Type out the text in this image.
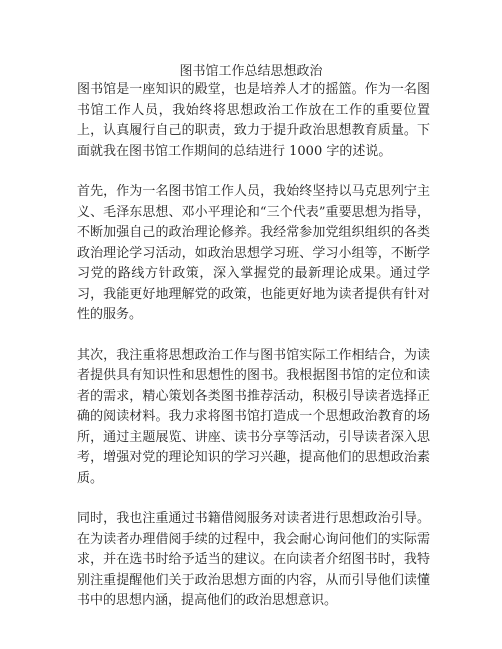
图书馆工作总结思想政治

图书馆是一座知识的殿堂，也是培养人才的摇篮。作为一名图书馆工作人员，我始终将思想政治工作放在工作的重要位置上，认真履行自己的职责，致力于提升政治思想教育质量。下面就我在图书馆工作期间的总结进行 1000 字的述说。

首先，作为一名图书馆工作人员，我始终坚持以马克思列宁主义、毛泽东思想、邓小平理论和“三个代表”重要思想为指导，不断加强自己的政治理论修养。我经常参加党组织组织的各类政治理论学习活动，如政治思想学习班、学习小组等，不断学习党的路线方针政策，深入掌握党的最新理论成果。通过学习，我能更好地理解党的政策，也能更好地为读者提供有针对性的服务。

其次，我注重将思想政治工作与图书馆实际工作相结合，为读者提供具有知识性和思想性的图书。我根据图书馆的定位和读者的需求，精心策划各类图书推荐活动，积极引导读者选择正确的阅读材料。我力求将图书馆打造成一个思想政治教育的场所，通过主题展览、讲座、读书分享等活动，引导读者深入思考，增强对党的理论知识的学习兴趣，提高他们的思想政治素质。

同时，我也注重通过书籍借阅服务对读者进行思想政治引导。在为读者办理借阅手续的过程中，我会耐心询问他们的实际需求，并在选书时给予适当的建议。在向读者介绍图书时，我特别注重提醒他们关于政治思想方面的内容，从而引导他们读懂书中的思想内涵，提高他们的政治思想意识。
